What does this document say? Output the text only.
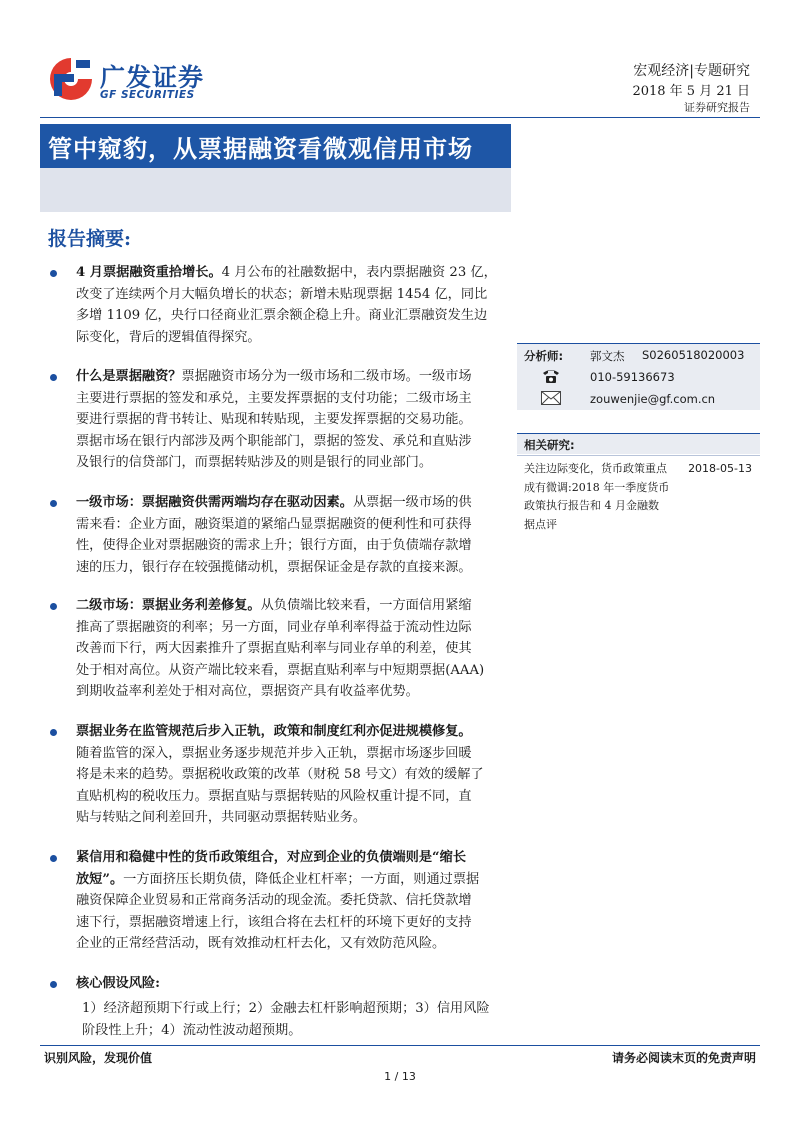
广发证券
GF SECURITIES
宏观经济|专题研究
2018 年 5 月 21 日
证券研究报告
管中窥豹，从票据融资看微观信用市场
报告摘要:
4 月票据融资重拾增长。4 月公布的社融数据中，表内票据融资 23 亿，
改变了连续两个月大幅负增长的状态；新增未贴现票据 1454 亿，同比
多增 1109 亿，央行口径商业汇票余额企稳上升。商业汇票融资发生边
际变化，背后的逻辑值得探究。
什么是票据融资？票据融资市场分为一级市场和二级市场。一级市场
主要进行票据的签发和承兑，主要发挥票据的支付功能；二级市场主
要进行票据的背书转让、贴现和转贴现，主要发挥票据的交易功能。
票据市场在银行内部涉及两个职能部门，票据的签发、承兑和直贴涉
及银行的信贷部门，而票据转贴涉及的则是银行的同业部门。
一级市场：票据融资供需两端均存在驱动因素。从票据一级市场的供
需来看：企业方面，融资渠道的紧缩凸显票据融资的便利性和可获得
性，使得企业对票据融资的需求上升；银行方面，由于负债端存款增
速的压力，银行存在较强揽储动机，票据保证金是存款的直接来源。
二级市场：票据业务利差修复。从负债端比较来看，一方面信用紧缩
推高了票据融资的利率；另一方面，同业存单利率得益于流动性边际
改善而下行，两大因素推升了票据直贴利率与同业存单的利差，使其
处于相对高位。从资产端比较来看，票据直贴利率与中短期票据(AAA)
到期收益率利差处于相对高位，票据资产具有收益率优势。
票据业务在监管规范后步入正轨，政策和制度红利亦促进规模修复。
随着监管的深入，票据业务逐步规范并步入正轨，票据市场逐步回暖
将是未来的趋势。票据税收政策的改革（财税 58 号文）有效的缓解了
直贴机构的税收压力。票据直贴与票据转贴的风险权重计提不同，直
贴与转贴之间利差回升，共同驱动票据转贴业务。
紧信用和稳健中性的货币政策组合，对应到企业的负债端则是“缩长
放短”。一方面挤压长期负债，降低企业杠杆率；一方面，则通过票据
融资保障企业贸易和正常商务活动的现金流。委托贷款、信托贷款增
速下行，票据融资增速上行，该组合将在去杠杆的环境下更好的支持
企业的正常经营活动，既有效推动杠杆去化，又有效防范风险。
核心假设风险:
1）经济超预期下行或上行；2）金融去杠杆影响超预期；3）信用风险
阶段性上升；4）流动性波动超预期。
分析师: 郭文杰 S0260518020003
010-59136673
zouwenjie@gf.com.cn
相关研究:
关注边际变化，货币政策重点 2018-05-13

成有微调:2018 年一季度货币
政策执行报告和 4 月金融数
据点评
识别风险，发现价值	请务必阅读末页的免责声明
1 / 13
